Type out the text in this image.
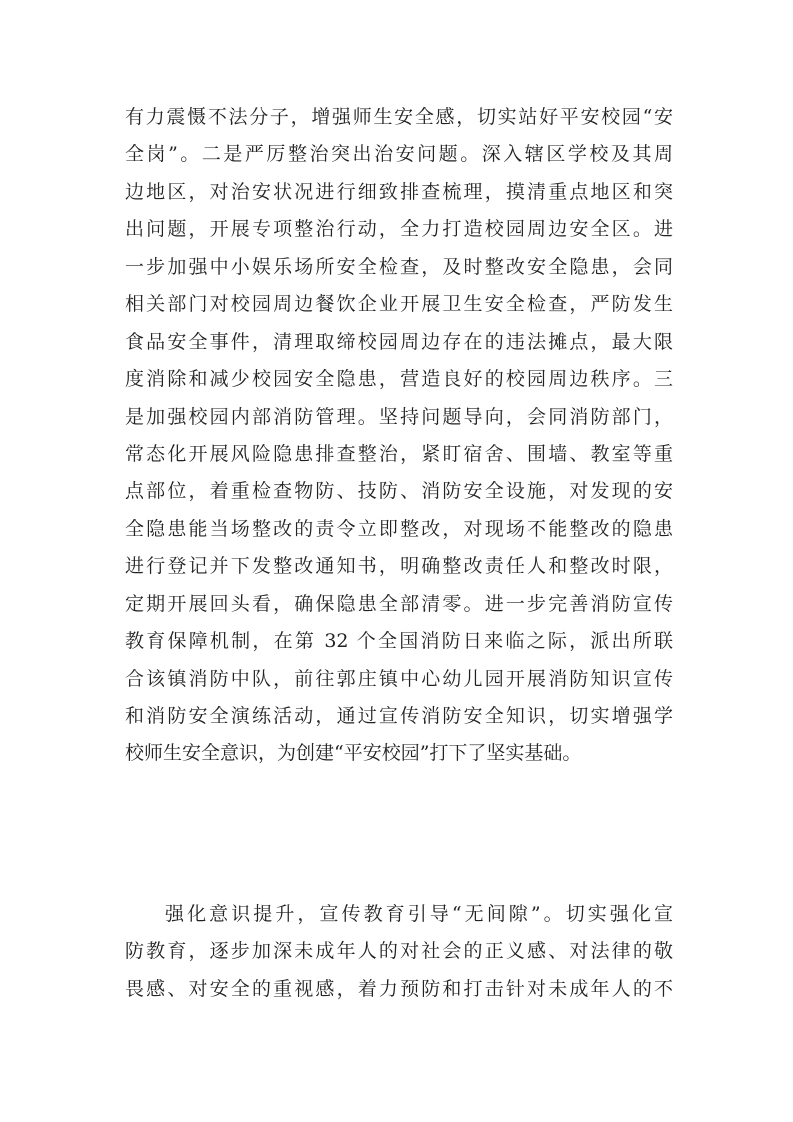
有力震慑不法分子，增强师生安全感，切实站好平安校园“安
全岗”。二是严厉整治突出治安问题。深入辖区学校及其周
边地区，对治安状况进行细致排查梳理，摸清重点地区和突
出问题，开展专项整治行动，全力打造校园周边安全区。进
一步加强中小娱乐场所安全检查，及时整改安全隐患，会同
相关部门对校园周边餐饮企业开展卫生安全检查，严防发生
食品安全事件，清理取缔校园周边存在的违法摊点，最大限
度消除和减少校园安全隐患，营造良好的校园周边秩序。三
是加强校园内部消防管理。坚持问题导向，会同消防部门，
常态化开展风险隐患排查整治，紧盯宿舍、围墙、教室等重
点部位，着重检查物防、技防、消防安全设施，对发现的安
全隐患能当场整改的责令立即整改，对现场不能整改的隐患
进行登记并下发整改通知书，明确整改责任人和整改时限，
定期开展回头看，确保隐患全部清零。进一步完善消防宣传
教育保障机制，在第 32 个全国消防日来临之际，派出所联
合该镇消防中队，前往郭庄镇中心幼儿园开展消防知识宣传
和消防安全演练活动，通过宣传消防安全知识，切实增强学
校师生安全意识，为创建“平安校园”打下了坚实基础。
强化意识提升，宣传教育引导“无间隙”。切实强化宣
防教育，逐步加深未成年人的对社会的正义感、对法律的敬
畏感、对安全的重视感，着力预防和打击针对未成年人的不
